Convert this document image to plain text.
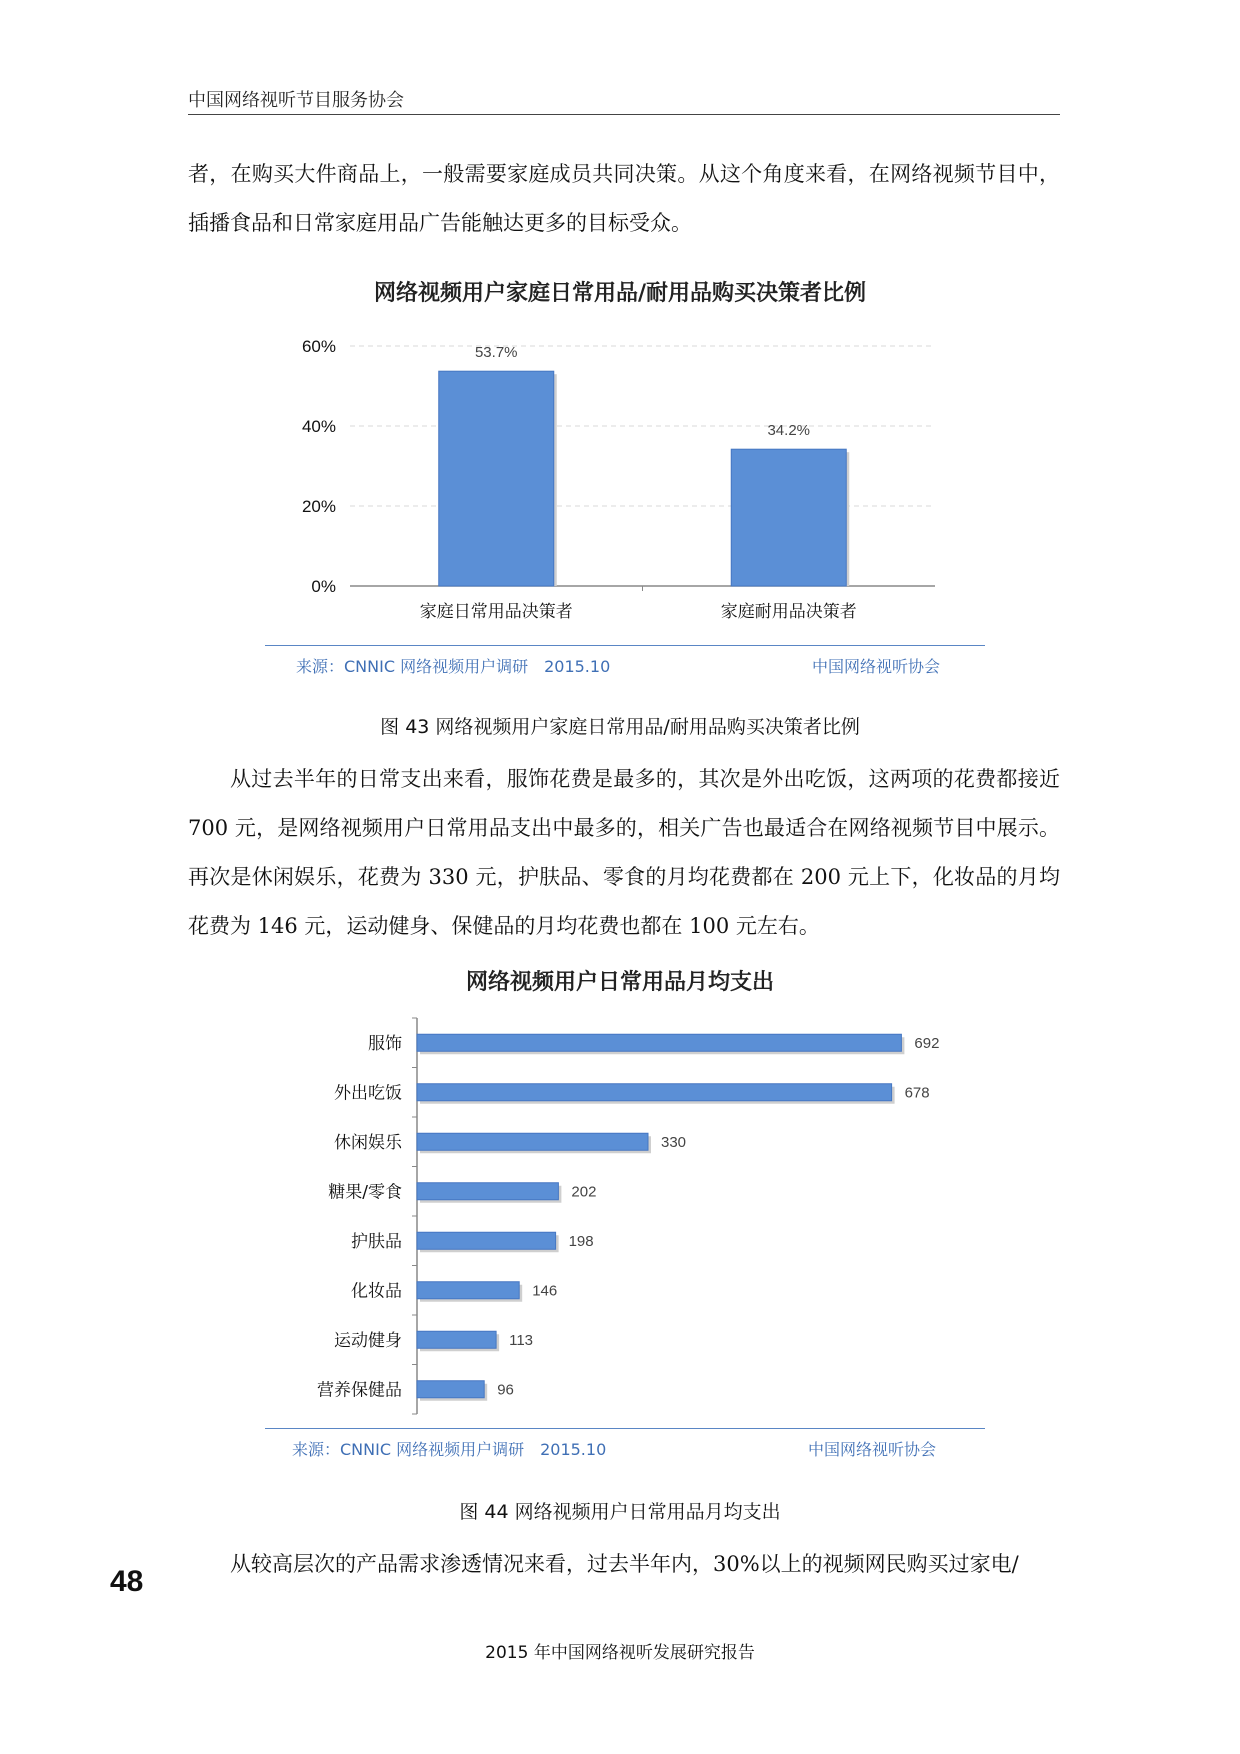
中国网络视听节目服务协会

者，在购买大件商品上，一般需要家庭成员共同决策。从这个角度来看，在网络视频节目中，插播食品和日常家庭用品广告能触达更多的目标受众。

网络视频用户家庭日常用品/耐用品购买决策者比例
0%
20%
40%
60%	53.7%
家庭日常用品决策者
34.2%
家庭耐用品决策者
来源：CNNIC 网络视频用户调研　2015.10	中国网络视听协会
图 43 网络视频用户家庭日常用品/耐用品购买决策者比例

从过去半年的日常支出来看，服饰花费是最多的，其次是外出吃饭，这两项的花费都接近 700 元，是网络视频用户日常用品支出中最多的，相关广告也最适合在网络视频节目中展示。再次是休闲娱乐，花费为 330 元，护肤品、零食的月均花费都在 200 元上下，化妆品的月均花费为 146 元，运动健身、保健品的月均花费也都在 100 元左右。

网络视频用户日常用品月均支出
692
服饰
678
外出吃饭
330
休闲娱乐
202
糖果/零食
198
护肤品
146
化妆品
113
运动健身
96
营养保健品
来源：CNNIC 网络视频用户调研　2015.10	中国网络视听协会
图 44 网络视频用户日常用品月均支出

从较高层次的产品需求渗透情况来看，过去半年内，30%以上的视频网民购买过家电/

48
2015 年中国网络视听发展研究报告
